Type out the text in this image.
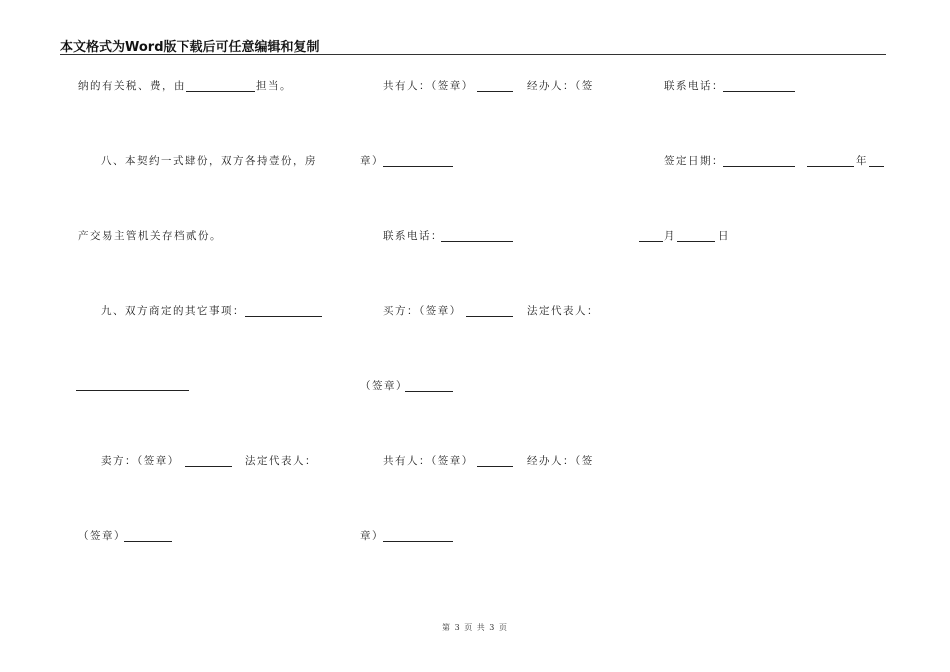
本文格式为Word版下载后可任意编辑和复制
纳的有关税、费，由	担当。
八、本契约一式肆份，双方各持壹份，房
产交易主管机关存档贰份。
九、双方商定的其它事项：
卖方：（签章）	法定代表人：
（签章）
共有人：（签章）	经办人：（签
章）
联系电话：
买方：（签章）	法定代表人：
（签章）
共有人：（签章）	经办人：（签
章）
联系电话：
签定日期：	年
月	日
第 3 页 共 3 页
